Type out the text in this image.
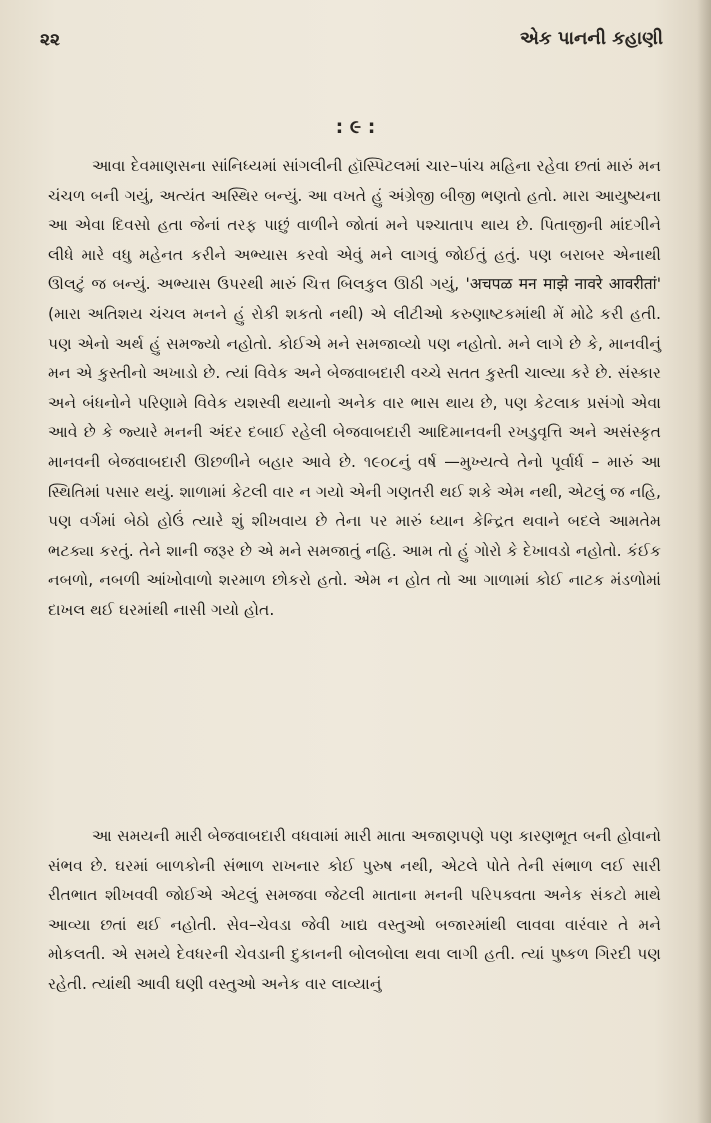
૨૨	એક પાનની કહાણી
: ૯ :

આવા દેવમાણસના સાંનિધ્યમાં સાંગલીની હૉસ્પિટલમાં ચાર–પાંચ મહિના રહેવા છતાં મારું મન ચંચળ બની ગયું, અત્યંત અસ્થિર બન્યું. આ વખતે હું અંગ્રેજી બીજી ભણતો હતો. મારા આયુષ્યના આ એવા દિવસો હતા જેનાં તરફ પાછું વાળીને જોતાં મને પશ્ચાતાપ થાય છે. પિતાજીની માંદગીને લીધે મારે વધુ મહેનત કરીને અભ્યાસ કરવો એવું મને લાગવું જોઈતું હતું. પણ બરાબર એનાથી ઊલટું જ બન્યું. અભ્યાસ ઉપરથી મારું ચિત્ત બિલકુલ ઊઠી ગયું, 'अचपळ मन माझे नावरे आवरीतां' (મારા અતિશય ચંચલ મનને હું રોકી શકતો નથી) એ લીટીઓ કરુણાષ્ટકમાંથી મેં મોઢે કરી હતી. પણ એનો અર્થ હું સમજ્યો નહોતો. કોઈએ મને સમજાવ્યો પણ નહોતો. મને લાગે છે કે, માનવીનું મન એ કુસ્તીનો અખાડો છે. ત્યાં વિવેક અને બેજવાબદારી વચ્ચે સતત કુસ્તી ચાલ્યા કરે છે. સંસ્કાર અને બંધનોને પરિણામે વિવેક યશસ્વી થયાનો અનેક વાર ભાસ થાય છે, પણ કેટલાક પ્રસંગો એવા આવે છે કે જ્યારે મનની અંદર દબાઈ રહેલી બેજવાબદારી આદિમાનવની રખડુવૃત્તિ અને અસંસ્કૃત માનવની બેજવાબદારી ઊછળીને બહાર આવે છે. ૧૯૦૮નું વર્ષ —મુખ્યત્વે તેનો પૂર્વાર્ધ – મારું આ સ્થિતિમાં પસાર થયું. શાળામાં કેટલી વાર ન ગયો એની ગણતરી થઈ શકે એમ નથી, એટલું જ નહિ, પણ વર્ગમાં બેઠો હોઉં ત્યારે શું શીખવાય છે તેના પર મારું ધ્યાન કેન્દ્રિત થવાને બદલે આમતેમ ભટક્યા કરતું. તેને શાની જરૂર છે એ મને સમજાતું નહિ. આમ તો હું ગોરો કે દેખાવડો નહોતો. કંઈક નબળો, નબળી આંખોવાળો શરમાળ છોકરો હતો. એમ ન હોત તો આ ગાળામાં કોઈ નાટક મંડળોમાં દાખલ થઈ ઘરમાંથી નાસી ગયો હોત.

આ સમયની મારી બેજવાબદારી વધવામાં મારી માતા અજાણપણે પણ કારણભૂત બની હોવાનો સંભવ છે. ઘરમાં બાળકોની સંભાળ રાખનાર કોઈ પુરુષ નથી, એટલે પોતે તેની સંભાળ લઈ સારી રીતભાત શીખવવી જોઈએ એટલું સમજવા જેટલી માતાના મનની પરિપક્વતા અનેક સંકટો માથે આવ્યા છતાં થઈ નહોતી. સેવ–ચેવડા જેવી ખાદ્ય વસ્તુઓ બજારમાંથી લાવવા વારંવાર તે મને મોકલતી. એ સમયે દેવધરની ચેવડાની દુકાનની બોલબોલા થવા લાગી હતી. ત્યાં પુષ્કળ ગિરદી પણ રહેતી. ત્યાંથી આવી ઘણી વસ્તુઓ અનેક વાર લાવ્યાનું
